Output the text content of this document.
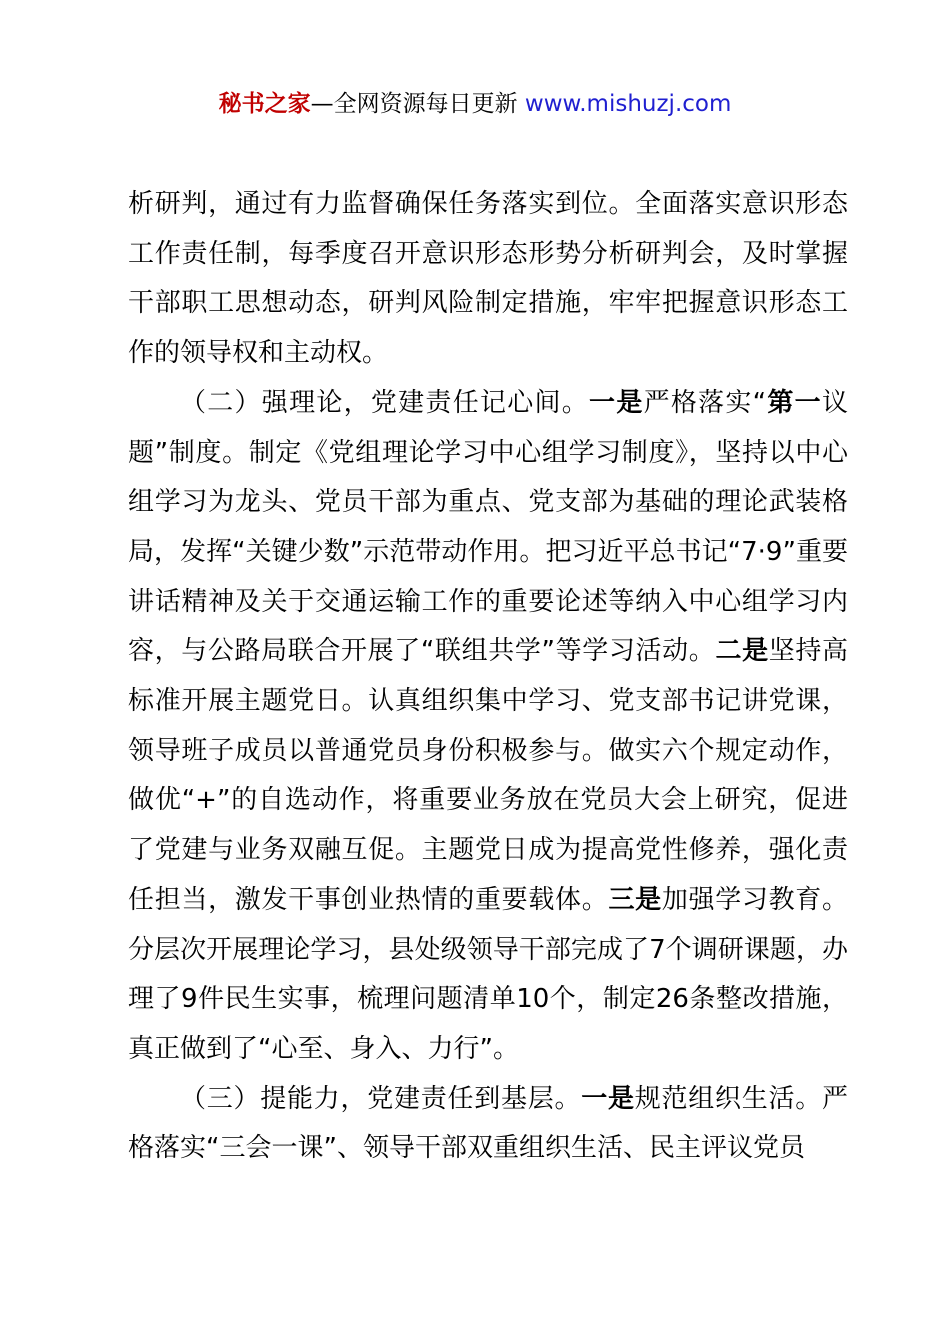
秘书之家—全网资源每日更新 www.mishuzj.com

析研判，通过有力监督确保任务落实到位。全面落实意识形态工作责任制，每季度召开意识形态形势分析研判会，及时掌握干部职工思想动态，研判风险制定措施，牢牢把握意识形态工作的领导权和主动权。

（二）强理论，党建责任记心间。一是严格落实“第一议题”制度。制定《党组理论学习中心组学习制度》，坚持以中心组学习为龙头、党员干部为重点、党支部为基础的理论武装格局，发挥“关键少数”示范带动作用。把习近平总书记“7·9”重要讲话精神及关于交通运输工作的重要论述等纳入中心组学习内容，与公路局联合开展了“联组共学”等学习活动。二是坚持高标准开展主题党日。认真组织集中学习、党支部书记讲党课，领导班子成员以普通党员身份积极参与。做实六个规定动作，做优“+”的自选动作，将重要业务放在党员大会上研究，促进了党建与业务双融互促。主题党日成为提高党性修养，强化责任担当，激发干事创业热情的重要载体。三是加强学习教育。分层次开展理论学习，县处级领导干部完成了7个调研课题，办理了9件民生实事，梳理问题清单10个，制定26条整改措施，真正做到了“心至、身入、力行”。

（三）提能力，党建责任到基层。一是规范组织生活。严格落实“三会一课”、领导干部双重组织生活、民主评议党员
